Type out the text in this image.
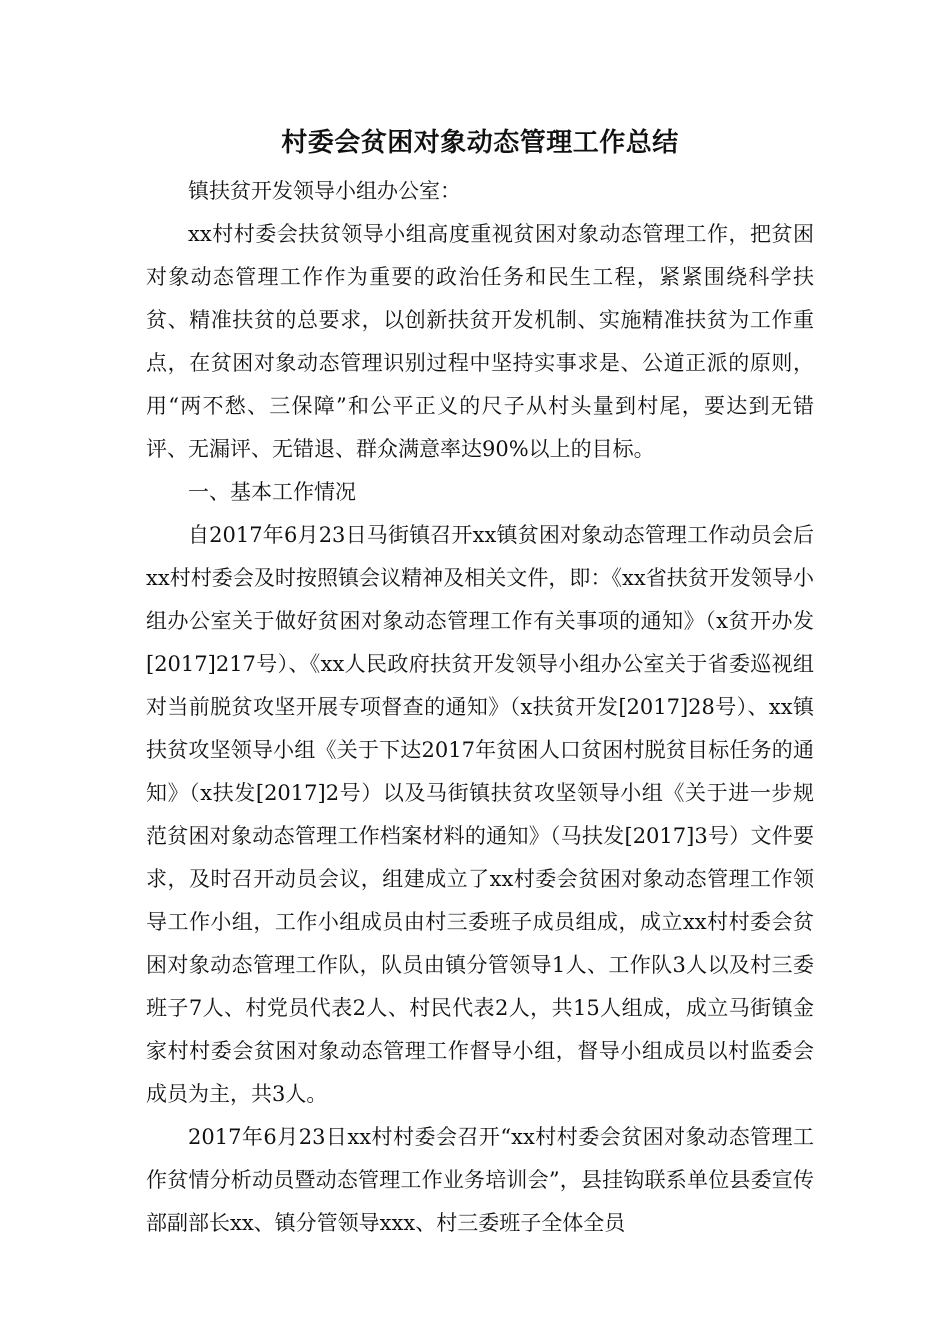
村委会贫困对象动态管理工作总结

镇扶贫开发领导小组办公室：

xx村村委会扶贫领导小组高度重视贫困对象动态管理工作，把贫困对象动态管理工作作为重要的政治任务和民生工程，紧紧围绕科学扶贫、精准扶贫的总要求，以创新扶贫开发机制、实施精准扶贫为工作重点，在贫困对象动态管理识别过程中坚持实事求是、公道正派的原则，用“两不愁、三保障”和公平正义的尺子从村头量到村尾，要达到无错评、无漏评、无错退、群众满意率达90%以上的目标。

一、基本工作情况

自2017年6月23日马街镇召开xx镇贫困对象动态管理工作动员会后xx村村委会及时按照镇会议精神及相关文件，即：《xx省扶贫开发领导小组办公室关于做好贫困对象动态管理工作有关事项的通知》（x贫开办发[2017]217号）、《xx人民政府扶贫开发领导小组办公室关于省委巡视组对当前脱贫攻坚开展专项督查的通知》（x扶贫开发[2017]28号）、xx镇扶贫攻坚领导小组《关于下达2017年贫困人口贫困村脱贫目标任务的通知》（x扶发[2017]2号）以及马街镇扶贫攻坚领导小组《关于进一步规范贫困对象动态管理工作档案材料的通知》（马扶发[2017]3号）文件要求，及时召开动员会议，组建成立了xx村委会贫困对象动态管理工作领导工作小组，工作小组成员由村三委班子成员组成，成立xx村村委会贫困对象动态管理工作队，队员由镇分管领导1人、工作队3人以及村三委班子7人、村党员代表2人、村民代表2人，共15人组成，成立马街镇金家村村委会贫困对象动态管理工作督导小组，督导小组成员以村监委会成员为主，共3人。

2017年6月23日xx村村委会召开“xx村村委会贫困对象动态管理工作贫情分析动员暨动态管理工作业务培训会”，县挂钩联系单位县委宣传部副部长xx、镇分管领导xxx、村三委班子全体全员
